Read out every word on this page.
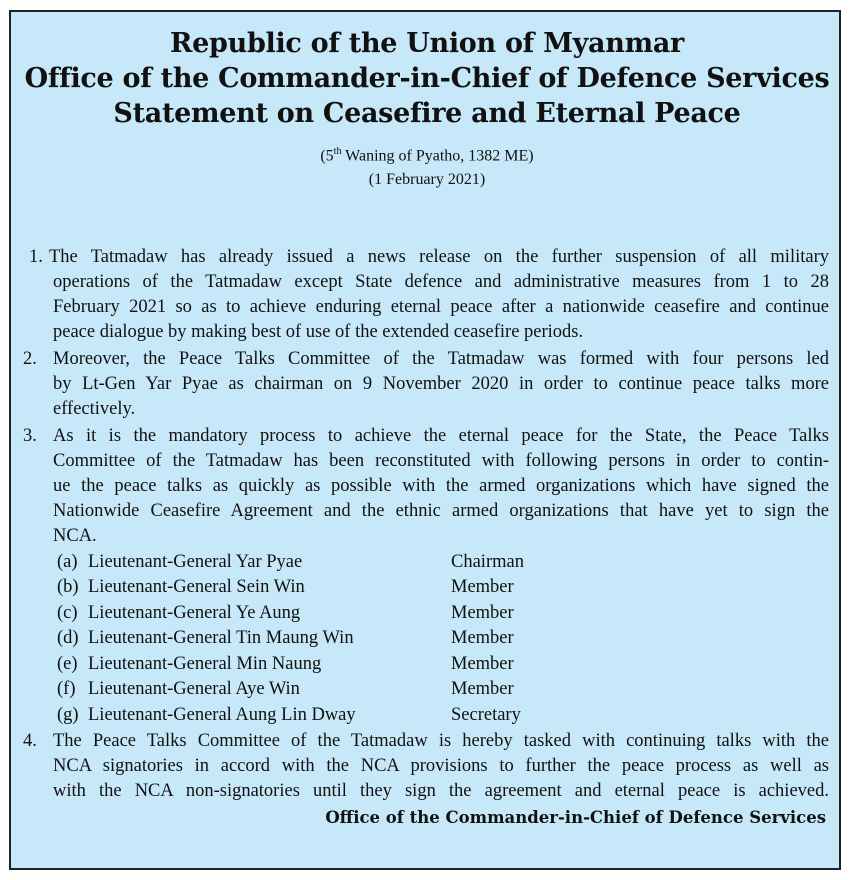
Republic of the Union of Myanmar
Office of the Commander-in-Chief of Defence Services
Statement on Ceasefire and Eternal Peace
(5th Waning of Pyatho, 1382 ME)
(1 February 2021)
1. The Tatmadaw has already issued a news release on the further suspension of all military
operations of the Tatmadaw except State defence and administrative measures from 1 to 28
February 2021 so as to achieve enduring eternal peace after a nationwide ceasefire and continue
peace dialogue by making best of use of the extended ceasefire periods.
2. Moreover, the Peace Talks Committee of the Tatmadaw was formed with four persons led
by Lt-Gen Yar Pyae as chairman on 9 November 2020 in order to continue peace talks more
effectively.
3. As it is the mandatory process to achieve the eternal peace for the State, the Peace Talks
Committee of the Tatmadaw has been reconstituted with following persons in order to contin-
ue the peace talks as quickly as possible with the armed organizations which have signed the
Nationwide Ceasefire Agreement and the ethnic armed organizations that have yet to sign the
NCA.
(a) Lieutenant-General Yar Pyae	Chairman
(b) Lieutenant-General Sein Win	Member
(c) Lieutenant-General Ye Aung	Member
(d) Lieutenant-General Tin Maung Win	Member
(e) Lieutenant-General Min Naung	Member
(f) Lieutenant-General Aye Win	Member
(g) Lieutenant-General Aung Lin Dway	Secretary
4. The Peace Talks Committee of the Tatmadaw is hereby tasked with continuing talks with the
NCA signatories in accord with the NCA provisions to further the peace process as well as
with the NCA non-signatories until they sign the agreement and eternal peace is achieved.
Office of the Commander-in-Chief of Defence Services
